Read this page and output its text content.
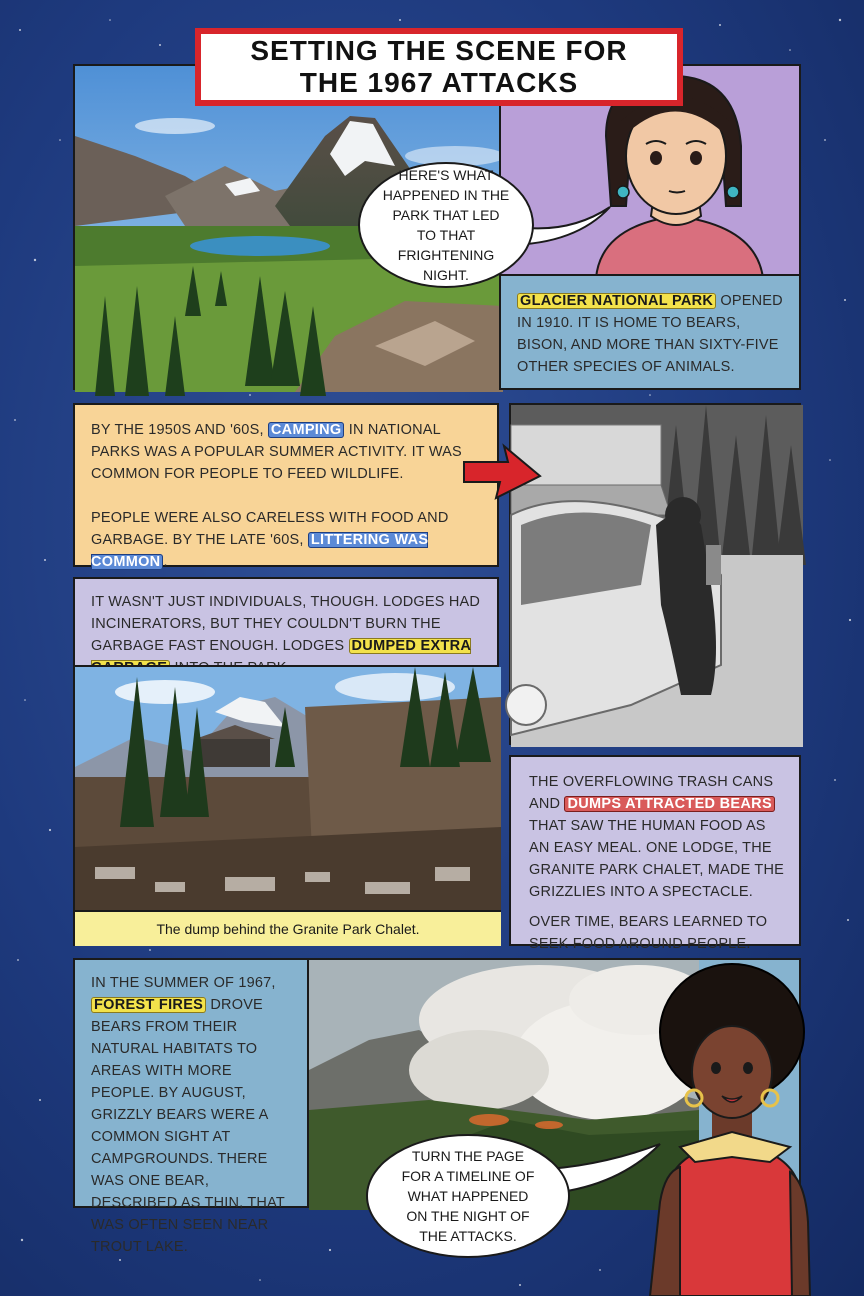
GLACIER NATIONAL PARK OPENED IN 1910. IT IS HOME TO BEARS, BISON, AND MORE THAN SIXTY-FIVE OTHER SPECIES OF ANIMALS.

SETTING THE SCENE FOR
THE 1967 ATTACKS
HERE'S WHAT HAPPENED IN THE PARK THAT LED TO THAT FRIGHTENING NIGHT.

BY THE 1950S AND '60S, CAMPING IN NATIONAL PARKS WAS A POPULAR SUMMER ACTIVITY. IT WAS COMMON FOR PEOPLE TO FEED WILDLIFE.

PEOPLE WERE ALSO CARELESS WITH FOOD AND GARBAGE. BY THE LATE '60S, LITTERING WAS COMMON .

IT WASN'T JUST INDIVIDUALS, THOUGH. LODGES HAD INCINERATORS, BUT THEY COULDN'T BURN THE GARBAGE FAST ENOUGH. LODGES DUMPED EXTRA

The dump behind the Granite Park Chalet.

THE OVERFLOWING TRASH CANS AND DUMPS ATTRACTED BEARS THAT SAW THE HUMAN FOOD AS AN EASY MEAL. ONE LODGE, THE GRANITE PARK CHALET, MADE THE GRIZZLIES INTO A SPECTACLE.

OVER TIME, BEARS LEARNED TO SEEK FOOD AROUND PEOPLE.

IN THE SUMMER OF 1967, FOREST FIRES DROVE BEARS FROM THEIR NATURAL HABITATS TO AREAS WITH MORE PEOPLE. BY AUGUST, GRIZZLY BEARS WERE A COMMON SIGHT AT CAMPGROUNDS. THERE WAS ONE BEAR, DESCRIBED AS THIN, THAT WAS OFTEN SEEN NEAR TROUT LAKE.

TURN THE PAGE FOR A TIMELINE OF WHAT HAPPENED ON THE NIGHT OF THE ATTACKS.
